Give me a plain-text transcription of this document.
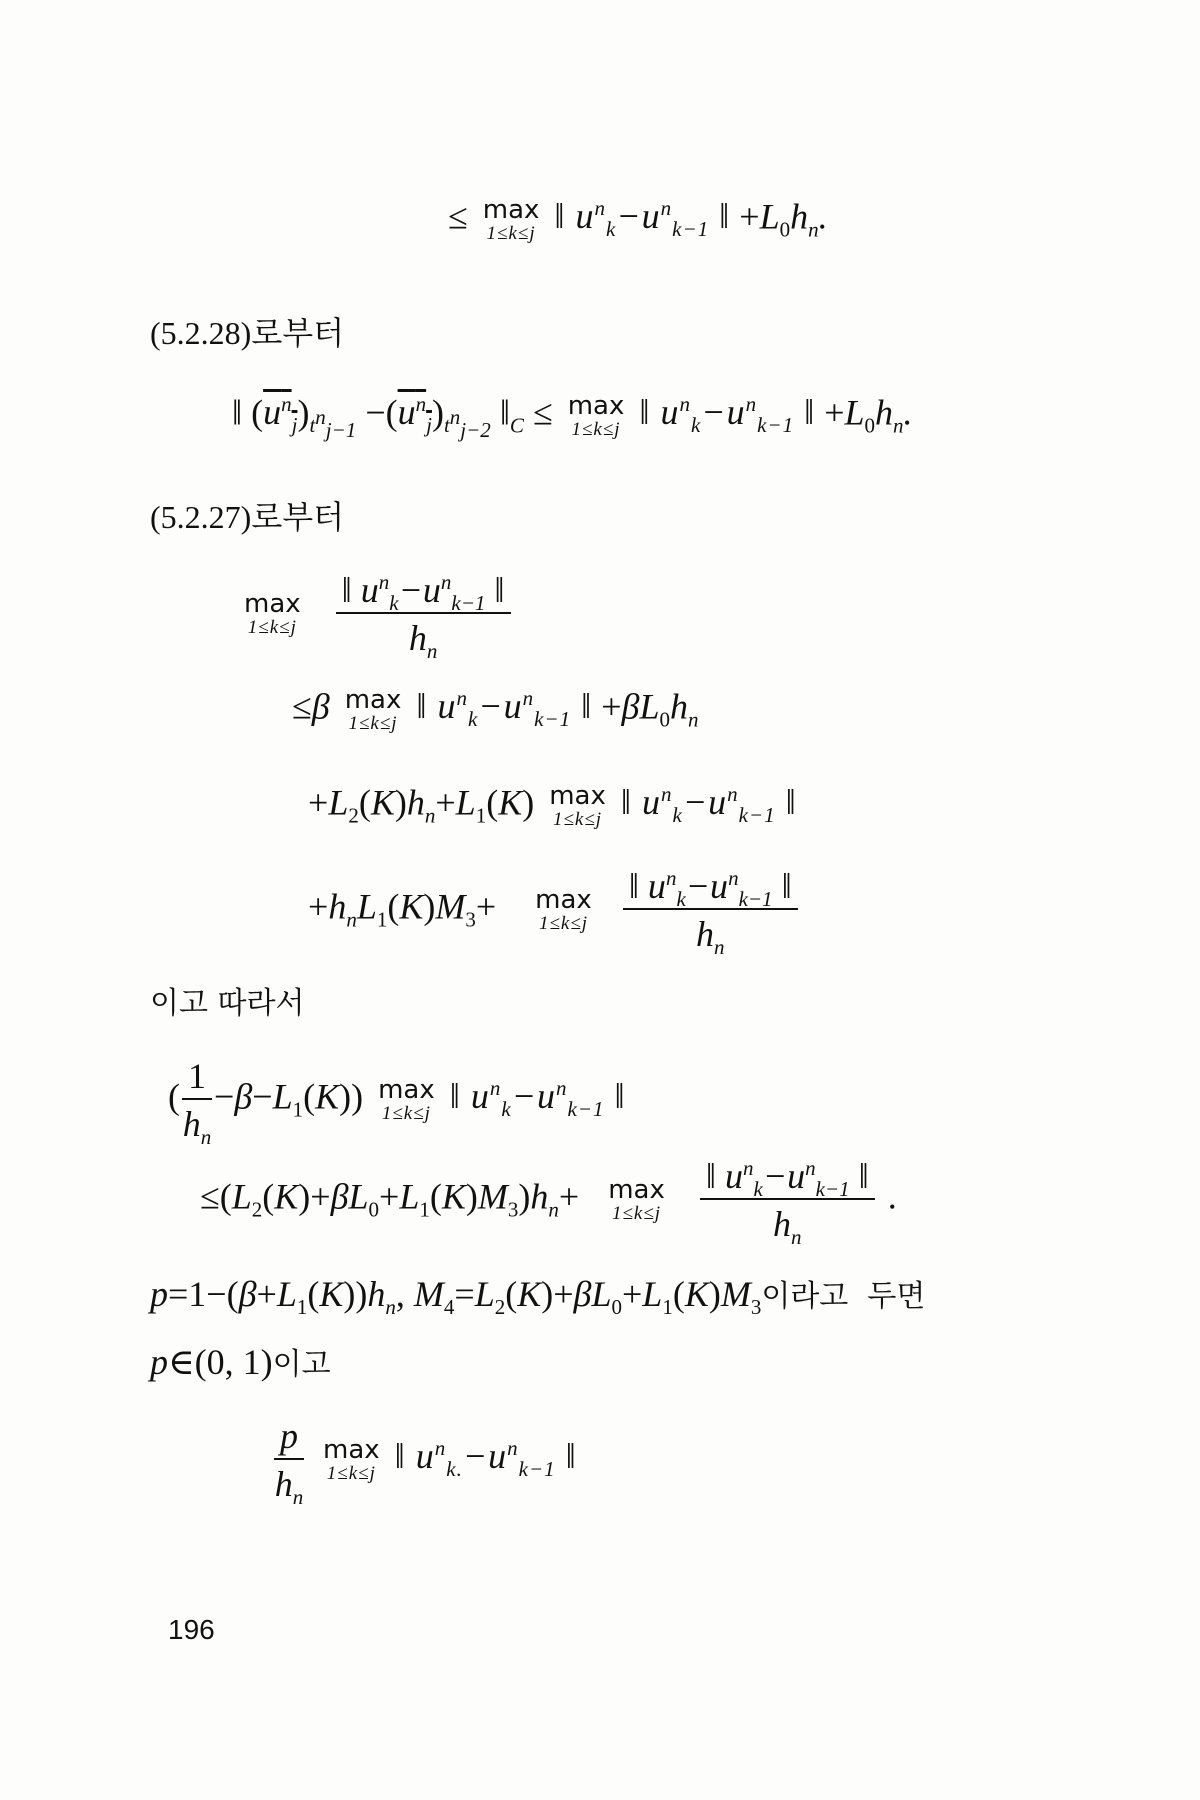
≤ max
1≤k≤j ‖ $u^n_k-u^n_{k-1}$ ‖ $+L_0h_n$.
(5.2.28)로부터
‖ $(u^n_j)_{t^n_{j-1}} -(u^n_j)_{t^n_{j-2}}$ $‖_C \le \max$
1≤k≤j ‖ $u^n_k-u^n_{k-1}$ ‖ $+L_0h_n$.
(5.2.27)로부터
max
1≤k≤j
$\frac{‖ u^n_k-u^n_{k-1} ‖}{h_n}$
≤β max
1≤k≤j ‖ $u^n_k-u^n_{k-1}$ ‖ $+\beta L_0h_n$
$+L_2(K)h_n+L_1(K)$ max
1≤k≤j ‖ $u^n_k-u^n_{k-1}$ ‖
$+h_nL_1(K)M_3+ \max$
1≤k≤j
$\frac{‖ u^n_k-u^n_{k-1} ‖}{h_n}$
이고 따라서
( $\frac{1}{h_n} -\beta-L_1(K)$) max
1≤k≤j ‖ $u^n_k-u^n_{k-1}$ ‖
$\le(L_2(K)+\beta L_0+L_1(K)M_3)h_n+ \max$
1≤k≤j
$\frac{‖ u^n_k-u^n_{k-1} ‖}{h_n}$ .
$p=1-(\beta+L_1(K))h_n$, $M_4=L_2(K)+\beta L_0+L_1(K)M_3$이라고  두면
p∈(0, 1)이고
$\frac{p}{h_n}$
max
1≤k≤j ‖ $u^n_{k.}-u^n_{k-1}$ ‖
196
